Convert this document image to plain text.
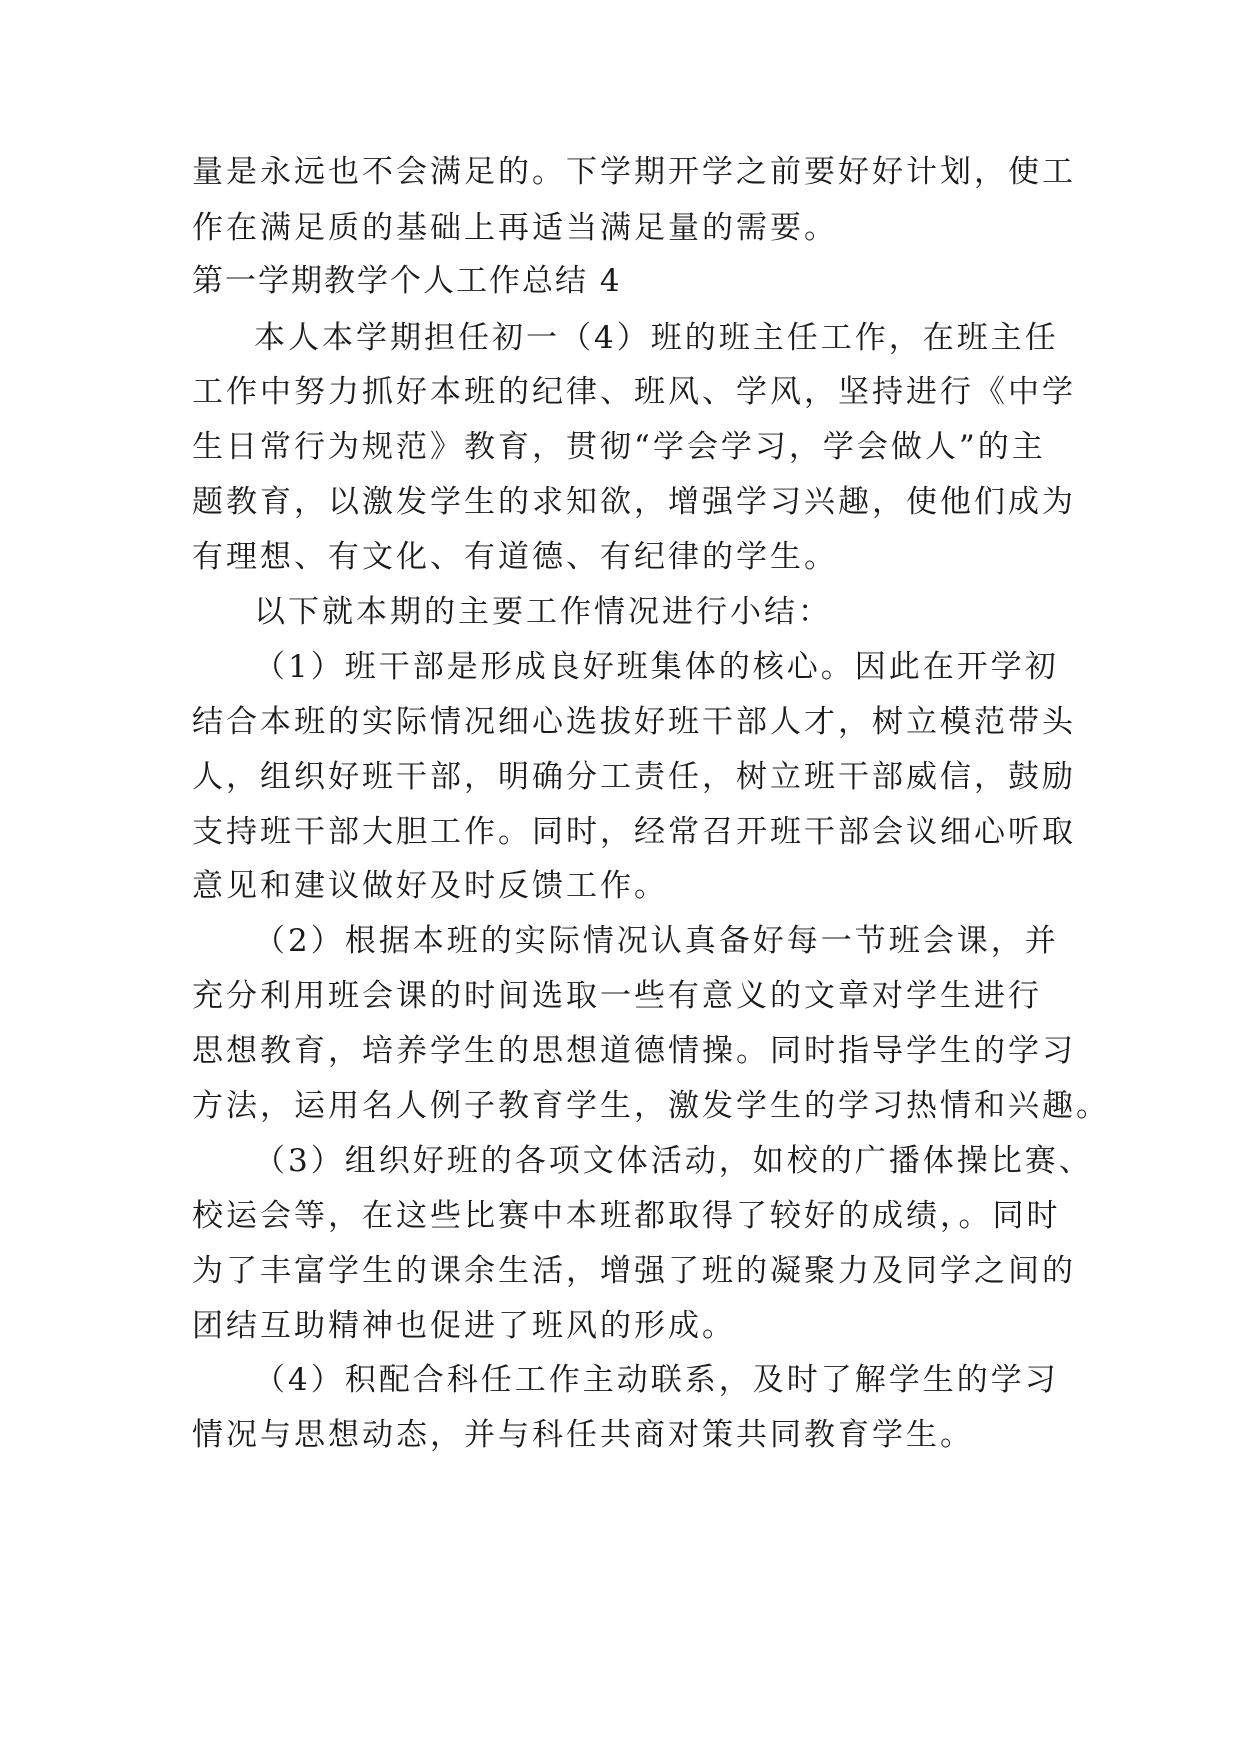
量是永远也不会满足的。下学期开学之前要好好计划，使工
作在满足质的基础上再适当满足量的需要。
第一学期教学个人工作总结 4
本人本学期担任初一（4）班的班主任工作，在班主任
工作中努力抓好本班的纪律、班风、学风，坚持进行《中学
生日常行为规范》教育，贯彻“学会学习，学会做人”的主
题教育，以激发学生的求知欲，增强学习兴趣，使他们成为
有理想、有文化、有道德、有纪律的学生。
以下就本期的主要工作情况进行小结：
（1）班干部是形成良好班集体的核心。因此在开学初
结合本班的实际情况细心选拔好班干部人才，树立模范带头
人，组织好班干部，明确分工责任，树立班干部威信，鼓励
支持班干部大胆工作。同时，经常召开班干部会议细心听取
意见和建议做好及时反馈工作。
（2）根据本班的实际情况认真备好每一节班会课，并
充分利用班会课的时间选取一些有意义的文章对学生进行
思想教育，培养学生的思想道德情操。同时指导学生的学习
方法，运用名人例子教育学生，激发学生的学习热情和兴趣。
（3）组织好班的各项文体活动，如校的广播体操比赛、
校运会等，在这些比赛中本班都取得了较好的成绩，。同时
为了丰富学生的课余生活，增强了班的凝聚力及同学之间的
团结互助精神也促进了班风的形成。
（4）积配合科任工作主动联系，及时了解学生的学习
情况与思想动态，并与科任共商对策共同教育学生。
